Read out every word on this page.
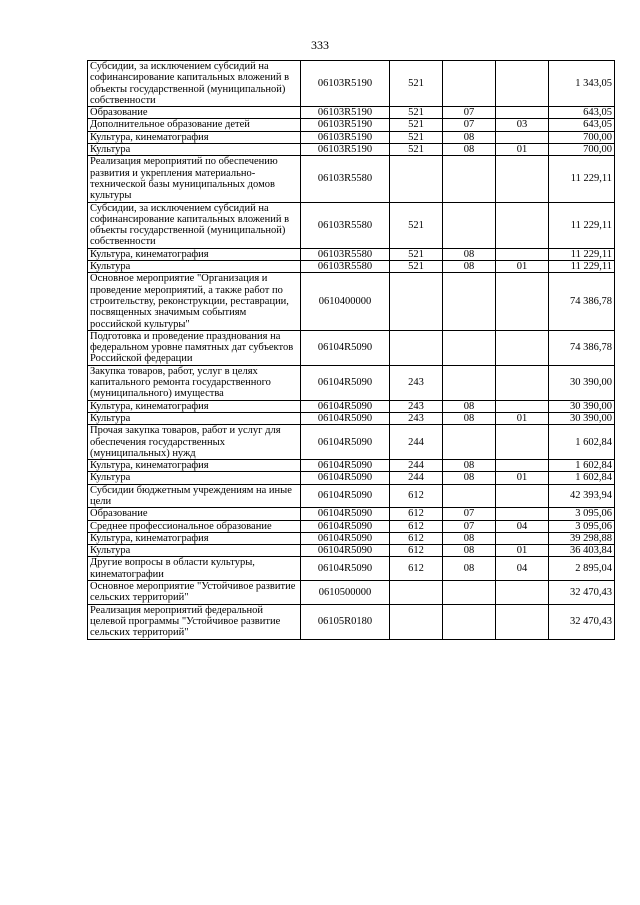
333
Субсидии, за исключением субсидий на софинансирование капитальных вложений в объекты государственной (муниципальной) собственности	06103R5190	521			1 343,05
Образование	06103R5190	521	07		643,05
Дополнительное образование детей	06103R5190	521	07	03	643,05
Культура, кинематография	06103R5190	521	08		700,00
Культура	06103R5190	521	08	01	700,00
Реализация мероприятий по обеспечению развития и укрепления материально-технической базы муниципальных домов культуры	06103R5580				11 229,11
Субсидии, за исключением субсидий на софинансирование капитальных вложений в объекты государственной (муниципальной) собственности	06103R5580	521			11 229,11
Культура, кинематография	06103R5580	521	08		11 229,11
Культура	06103R5580	521	08	01	11 229,11
Основное мероприятие "Организация и проведение мероприятий, а также работ по строительству, реконструкции, реставрации, посвященных значимым событиям российской культуры"	0610400000				74 386,78
Подготовка и проведение празднования на федеральном уровне памятных дат субъектов Российской федерации	06104R5090				74 386,78
Закупка товаров, работ, услуг в целях капитального ремонта государственного (муниципального) имущества	06104R5090	243			30 390,00
Культура, кинематография	06104R5090	243	08		30 390,00
Культура	06104R5090	243	08	01	30 390,00
Прочая закупка товаров, работ и услуг для обеспечения государственных (муниципальных) нужд	06104R5090	244			1 602,84
Культура, кинематография	06104R5090	244	08		1 602,84
Культура	06104R5090	244	08	01	1 602,84
Субсидии бюджетным учреждениям на иные цели	06104R5090	612			42 393,94
Образование	06104R5090	612	07		3 095,06
Среднее профессиональное образование	06104R5090	612	07	04	3 095,06
Культура, кинематография	06104R5090	612	08		39 298,88
Культура	06104R5090	612	08	01	36 403,84
Другие вопросы в области культуры, кинематографии	06104R5090	612	08	04	2 895,04
Основное мероприятие "Устойчивое развитие сельских территорий"	0610500000				32 470,43
Реализация мероприятий федеральной целевой программы "Устойчивое развитие сельских территорий"	06105R0180				32 470,43
